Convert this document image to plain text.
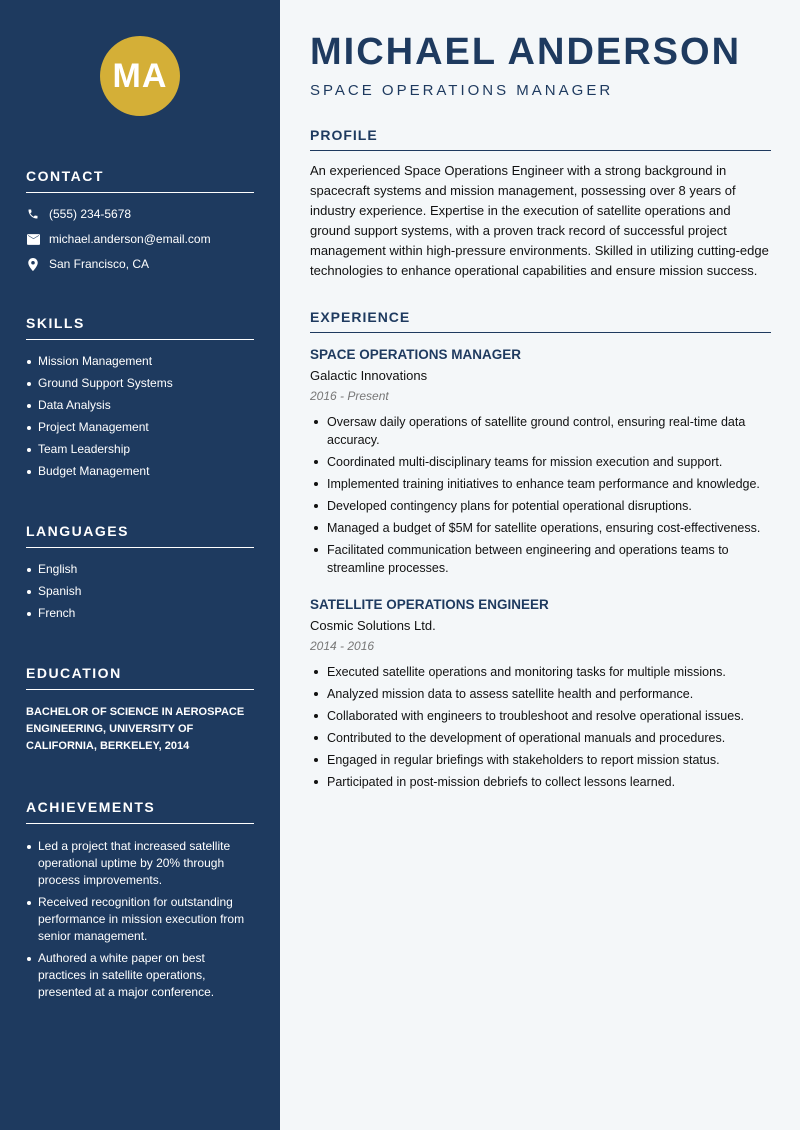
MA
CONTACT
(555) 234-5678
michael.anderson@email.com
San Francisco, CA
SKILLS
Mission Management
Ground Support Systems
Data Analysis
Project Management
Team Leadership
Budget Management
LANGUAGES
English
Spanish
French
EDUCATION
BACHELOR OF SCIENCE IN AEROSPACE ENGINEERING, UNIVERSITY OF CALIFORNIA, BERKELEY, 2014
ACHIEVEMENTS
Led a project that increased satellite operational uptime by 20% through process improvements.
Received recognition for outstanding performance in mission execution from senior management.
Authored a white paper on best practices in satellite operations, presented at a major conference.
MICHAEL ANDERSON
SPACE OPERATIONS MANAGER
PROFILE

An experienced Space Operations Engineer with a strong background in spacecraft systems and mission management, possessing over 8 years of industry experience. Expertise in the execution of satellite operations and ground support systems, with a proven track record of successful project management within high-pressure environments. Skilled in utilizing cutting-edge technologies to enhance operational capabilities and ensure mission success.

EXPERIENCE
SPACE OPERATIONS MANAGER
Galactic Innovations
2016 - Present
Oversaw daily operations of satellite ground control, ensuring real-time data accuracy.
Coordinated multi-disciplinary teams for mission execution and support.
Implemented training initiatives to enhance team performance and knowledge.
Developed contingency plans for potential operational disruptions.
Managed a budget of $5M for satellite operations, ensuring cost-effectiveness.
Facilitated communication between engineering and operations teams to streamline processes.
SATELLITE OPERATIONS ENGINEER
Cosmic Solutions Ltd.
2014 - 2016
Executed satellite operations and monitoring tasks for multiple missions.
Analyzed mission data to assess satellite health and performance.
Collaborated with engineers to troubleshoot and resolve operational issues.
Contributed to the development of operational manuals and procedures.
Engaged in regular briefings with stakeholders to report mission status.
Participated in post-mission debriefs to collect lessons learned.
